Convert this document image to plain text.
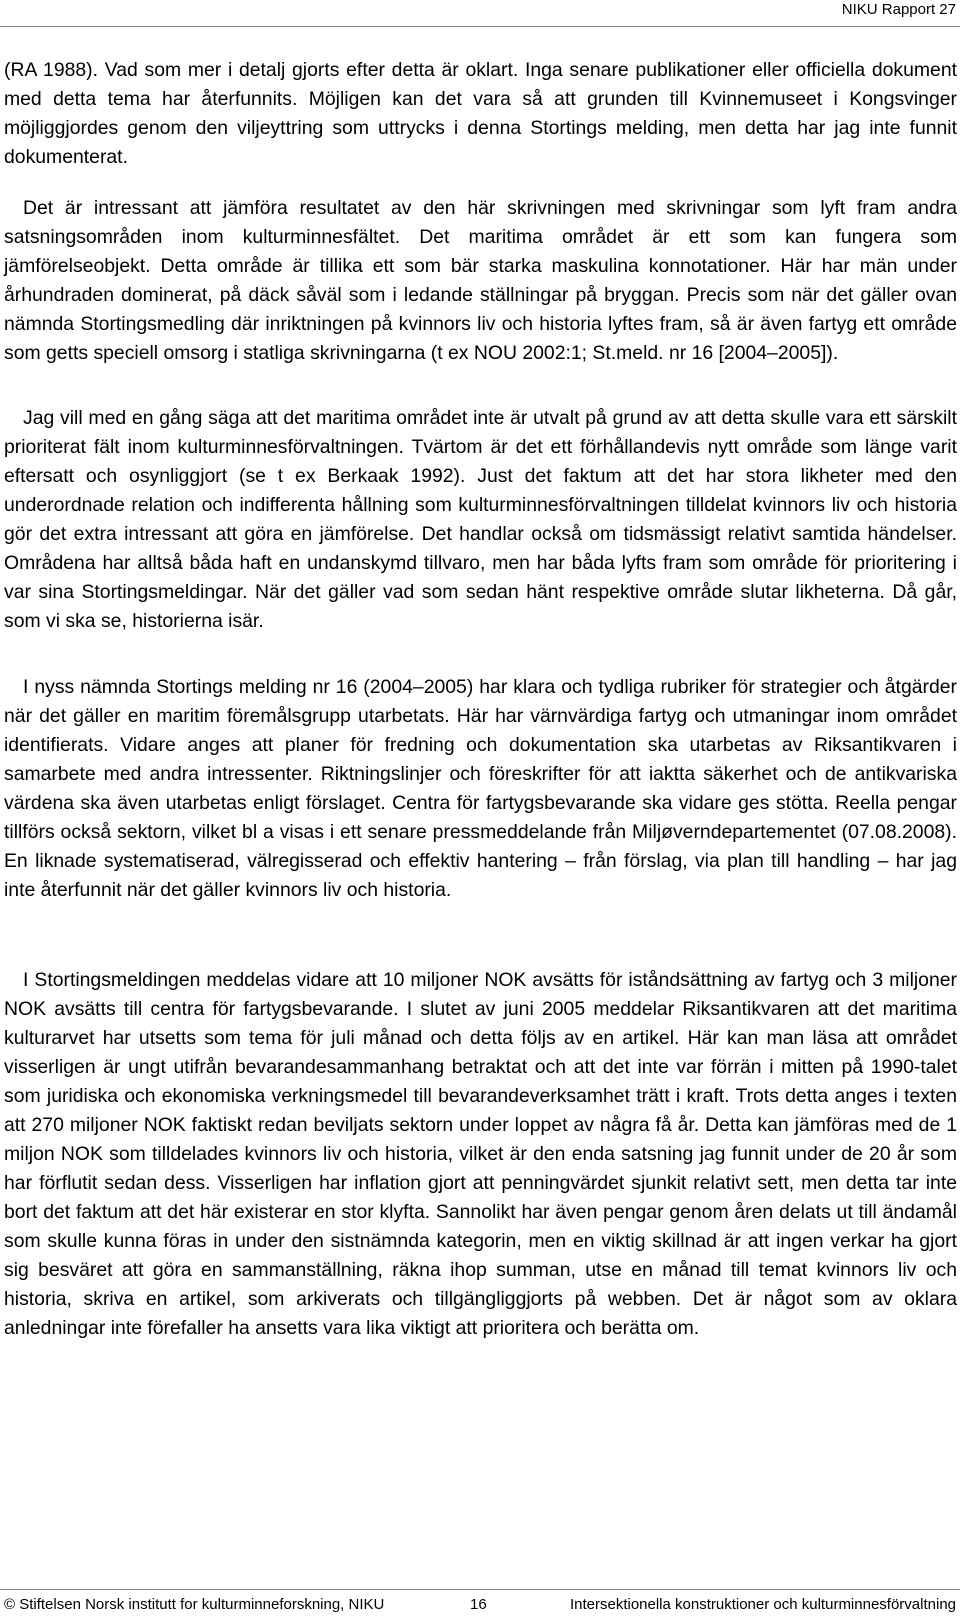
NIKU Rapport 27

(RA 1988). Vad som mer i detalj gjorts efter detta är oklart. Inga senare publikationer eller officiella dokument med detta tema har återfunnits. Möjligen kan det vara så att grunden till Kvinnemuseet i Kongsvinger möjliggjordes genom den viljeyttring som uttrycks i denna Stortings melding, men detta har jag inte funnit dokumenterat.

Det är intressant att jämföra resultatet av den här skrivningen med skrivningar som lyft fram andra satsningsområden inom kulturminnesfältet. Det maritima området är ett som kan fungera som jämförelseobjekt. Detta område är tillika ett som bär starka maskulina konnotationer. Här har män under århundraden dominerat, på däck såväl som i ledande ställningar på bryggan. Precis som när det gäller ovan nämnda Stortingsmedling där inriktningen på kvinnors liv och historia lyftes fram, så är även fartyg ett område som getts speciell omsorg i statliga skrivningarna (t ex NOU 2002:1; St.meld. nr 16 [2004–2005]).

Jag vill med en gång säga att det maritima området inte är utvalt på grund av att detta skulle vara ett särskilt prioriterat fält inom kulturminnesförvaltningen. Tvärtom är det ett förhållandevis nytt område som länge varit eftersatt och osynliggjort (se t ex Berkaak 1992). Just det faktum att det har stora likheter med den underordnade relation och indifferenta hållning som kulturminnesförvaltningen tilldelat kvinnors liv och historia gör det extra intressant att göra en jämförelse. Det handlar också om tidsmässigt relativt samtida händelser. Områdena har alltså båda haft en undanskymd tillvaro, men har båda lyfts fram som område för prioritering i var sina Stortingsmeldingar. När det gäller vad som sedan hänt respektive område slutar likheterna. Då går, som vi ska se, historierna isär.

I nyss nämnda Stortings melding nr 16 (2004–2005) har klara och tydliga rubriker för strategier och åtgärder när det gäller en maritim föremålsgrupp utarbetats. Här har värnvärdiga fartyg och utmaningar inom området identifierats. Vidare anges att planer för fredning och dokumentation ska utarbetas av Riksantikvaren i samarbete med andra intressenter. Riktningslinjer och föreskrifter för att iaktta säkerhet och de antikvariska värdena ska även utarbetas enligt förslaget. Centra för fartygsbevarande ska vidare ges stötta. Reella pengar tillförs också sektorn, vilket bl a visas i ett senare pressmeddelande från Miljøverndepartementet (07.08.2008). En liknade systematiserad, välregisserad och effektiv hantering – från förslag, via plan till handling – har jag inte återfunnit när det gäller kvinnors liv och historia.

I Stortingsmeldingen meddelas vidare att 10 miljoner NOK avsätts för iståndsättning av fartyg och 3 miljoner NOK avsätts till centra för fartygsbevarande. I slutet av juni 2005 meddelar Riksantikvaren att det maritima kulturarvet har utsetts som tema för juli månad och detta följs av en artikel. Här kan man läsa att området visserligen är ungt utifrån bevarandesammanhang betraktat och att det inte var förrän i mitten på 1990-talet som juridiska och ekonomiska verkningsmedel till bevarandeverksamhet trätt i kraft. Trots detta anges i texten att 270 miljoner NOK faktiskt redan beviljats sektorn under loppet av några få år. Detta kan jämföras med de 1 miljon NOK som tilldelades kvinnors liv och historia, vilket är den enda satsning jag funnit under de 20 år som har förflutit sedan dess. Visserligen har inflation gjort att penningvärdet sjunkit relativt sett, men detta tar inte bort det faktum att det här existerar en stor klyfta. Sannolikt har även pengar genom åren delats ut till ändamål som skulle kunna föras in under den sistnämnda kategorin, men en viktig skillnad är att ingen verkar ha gjort sig besväret att göra en sammanställning, räkna ihop summan, utse en månad till temat kvinnors liv och historia, skriva en artikel, som arkiverats och tillgängliggjorts på webben. Det är något som av oklara anledningar inte förefaller ha ansetts vara lika viktigt att prioritera och berätta om.

© Stiftelsen Norsk institutt for kulturminneforskning, NIKU	16	Intersektionella konstruktioner och kulturminnesförvaltning
